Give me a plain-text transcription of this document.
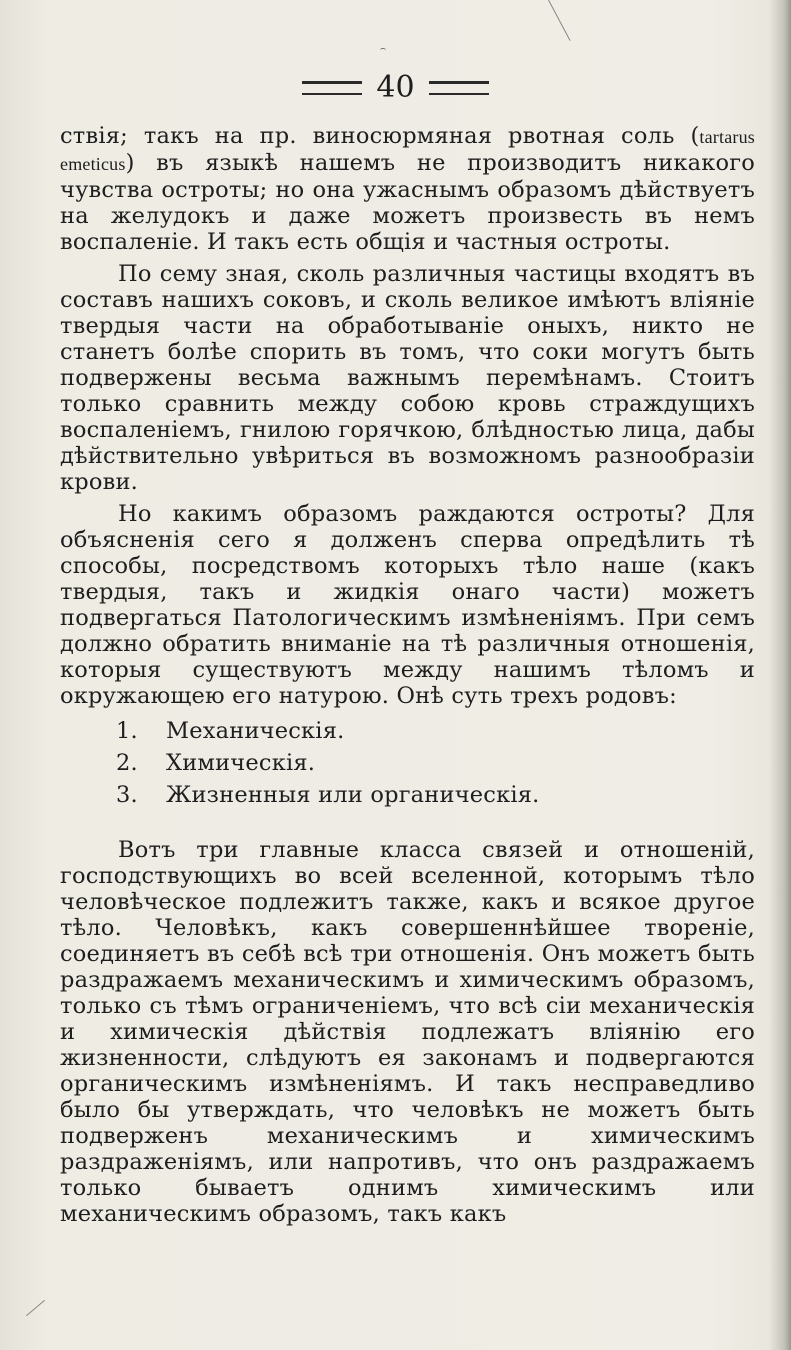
40

ствія; такъ на пр. виносюрмяная рвотная соль (tartarus emeticus) въ языкѣ нашемъ не производитъ никакого чувства остроты; но она ужаснымъ образомъ дѣйствуетъ на желудокъ и даже можетъ произвесть въ немъ воспаленіе. И такъ есть общія и частныя остроты.

По сему зная, сколь различныя частицы входятъ въ составъ нашихъ соковъ, и сколь великое имѣютъ вліяніе твердыя части на обработываніе оныхъ, никто не станетъ болѣе спорить въ томъ, что соки могутъ быть подвержены весьма важнымъ перемѣнамъ. Стоитъ только сравнить между собою кровь страждущихъ воспаленіемъ, гнилою горячкою, блѣдностью лица, дабы дѣйствительно увѣриться въ возможномъ разнообразіи крови.

Но какимъ образомъ раждаются остроты? Для объясненія сего я долженъ сперва опредѣлить тѣ способы, посредствомъ которыхъ тѣло наше (какъ твердыя, такъ и жидкія онаго части) можетъ подвергаться Патологическимъ измѣненіямъ. При семъ должно обратить вниманіе на тѣ различныя отношенія, которыя существуютъ между нашимъ тѣломъ и окружающею его натурою. Онѣ суть трехъ родовъ:

1.	Механическія.
2.	Химическія.
3.	Жизненныя или органическія.

Вотъ три главные класса связей и отношеній, господствующихъ во всей вселенной, которымъ тѣло человѣческое подлежитъ также, какъ и всякое другое тѣло. Человѣкъ, какъ совершеннѣйшее твореніе, соединяетъ въ себѣ всѣ три отношенія. Онъ можетъ быть раздражаемъ механическимъ и химическимъ образомъ, только съ тѣмъ ограниченіемъ, что всѣ сіи механическія и химическія дѣйствія подлежатъ вліянію его жизненности, слѣдуютъ ея законамъ и подвергаются органическимъ измѣненіямъ. И такъ несправедливо было бы утверждать, что человѣкъ не можетъ быть подверженъ механическимъ и химическимъ раздраженіямъ, или напротивъ, что онъ раздражаемъ только бываетъ однимъ химическимъ или механическимъ образомъ, такъ какъ
